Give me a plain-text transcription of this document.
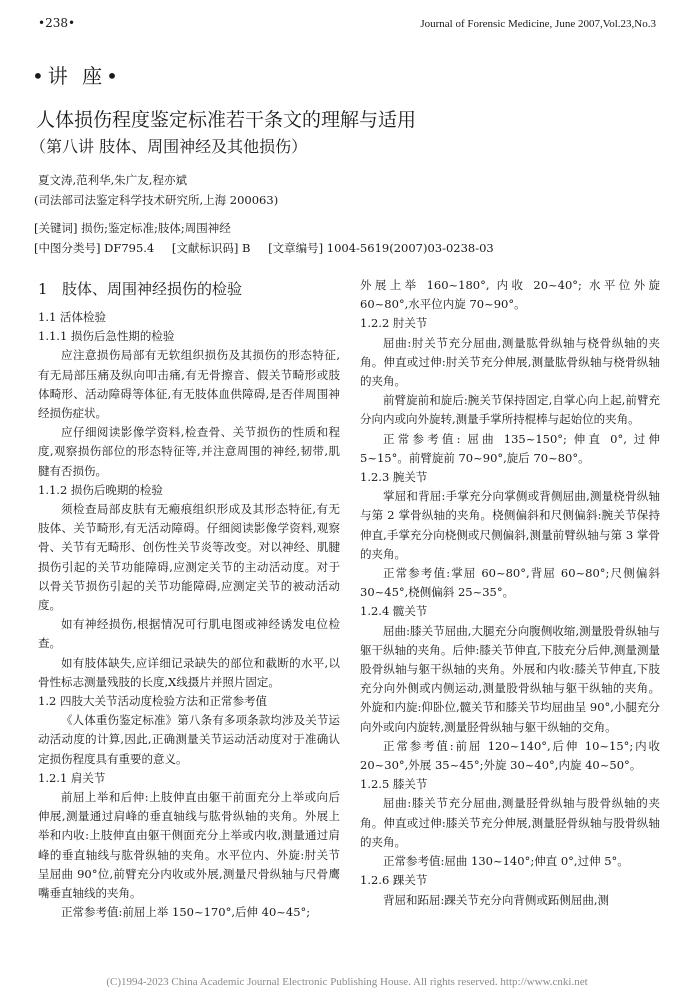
•238•	Journal of Forensic Medicine, June 2007,Vol.23,No.3
•讲 座•
人体损伤程度鉴定标准若干条文的理解与适用
（第八讲 肢体、周围神经及其他损伤）
夏文涛,范利华,朱广友,程亦斌
(司法部司法鉴定科学技术研究所,上海 200063)
[关键词] 损伤;鉴定标准;肢体;周围神经
[中图分类号] DF795.4 [文献标识码] B [文章编号] 1004-5619(2007)03-0238-03

1 肢体、周围神经损伤的检验

1.1 活体检验

1.1.1 损伤后急性期的检验

应注意损伤局部有无软组织损伤及其损伤的形态特征,有无局部压痛及纵向叩击痛,有无骨擦音、假关节畸形或肢体畸形、活动障碍等体征,有无肢体血供障碍,是否伴周围神经损伤症状。

应仔细阅读影像学资料,检查骨、关节损伤的性质和程度,观察损伤部位的形态特征等,并注意周围的神经,韧带,肌腱有否损伤。

1.1.2 损伤后晚期的检验

须检查局部皮肤有无瘢痕组织形成及其形态特征,有无肢体、关节畸形,有无活动障碍。仔细阅读影像学资料,观察骨、关节有无畸形、创伤性关节炎等改变。对以神经、肌腱损伤引起的关节功能障碍,应测定关节的主动活动度。对于以骨关节损伤引起的关节功能障碍,应测定关节的被动活动度。

如有神经损伤,根据情况可行肌电图或神经诱发电位检查。

如有肢体缺失,应详细记录缺失的部位和截断的水平,以骨性标志测量残肢的长度,X线摄片并照片固定。

1.2 四肢大关节活动度检验方法和正常参考值

《人体重伤鉴定标准》第八条有多项条款均涉及关节运动活动度的计算,因此,正确测量关节运动活动度对于准确认定损伤程度具有重要的意义。

1.2.1 肩关节

前屈上举和后伸:上肢伸直由躯干前面充分上举或向后伸展,测量通过肩峰的垂直轴线与肱骨纵轴的夹角。外展上举和内收:上肢伸直由躯干侧面充分上举或内收,测量通过肩峰的垂直轴线与肱骨纵轴的夹角。水平位内、外旋:肘关节呈屈曲 90°位,前臂充分内收或外展,测量尺骨纵轴与尺骨鹰嘴垂直轴线的夹角。

正常参考值:前屈上举 150~170°,后伸 40~45°;

外展上举 160~180°, 内收 20~40°; 水平位外旋 60~80°,水平位内旋 70~90°。

1.2.2 肘关节

屈曲:肘关节充分屈曲,测量肱骨纵轴与桡骨纵轴的夹角。伸直或过伸:肘关节充分伸展,测量肱骨纵轴与桡骨纵轴的夹角。

前臂旋前和旋后:腕关节保持固定,自掌心向上起,前臂充分向内或向外旋转,测量手掌所持棍棒与起始位的夹角。

正常参考值: 屈曲 135~150°; 伸直 0°, 过伸 5~15°。前臂旋前 70~90°,旋后 70~80°。

1.2.3 腕关节

掌屈和背屈:手掌充分向掌侧或背侧屈曲,测量桡骨纵轴与第 2 掌骨纵轴的夹角。桡侧偏斜和尺侧偏斜:腕关节保持伸直,手掌充分向桡侧或尺侧偏斜,测量前臂纵轴与第 3 掌骨的夹角。

正常参考值:掌屈 60~80°,背屈 60~80°;尺侧偏斜 30~45°,桡侧偏斜 25~35°。

1.2.4 髋关节

屈曲:膝关节屈曲,大腿充分向腹侧收缩,测量股骨纵轴与躯干纵轴的夹角。后伸:膝关节伸直,下肢充分后伸,测量测量股骨纵轴与躯干纵轴的夹角。外展和内收:膝关节伸直,下肢充分向外侧或内侧运动,测量股骨纵轴与躯干纵轴的夹角。外旋和内旋:仰卧位,髋关节和膝关节均屈曲呈 90°,小腿充分向外或向内旋转,测量胫骨纵轴与躯干纵轴的交角。

正常参考值:前屈 120~140°,后伸 10~15°;内收 20~30°,外展 35~45°;外旋 30~40°,内旋 40~50°。

1.2.5 膝关节

屈曲:膝关节充分屈曲,测量胫骨纵轴与股骨纵轴的夹角。伸直或过伸:膝关节充分伸展,测量胫骨纵轴与股骨纵轴的夹角。

正常参考值:屈曲 130~140°;伸直 0°,过伸 5°。

1.2.6 踝关节

背屈和跖屈:踝关节充分向背侧或跖侧屈曲,测

(C)1994-2023 China Academic Journal Electronic Publishing House. All rights reserved. http://www.cnki.net
